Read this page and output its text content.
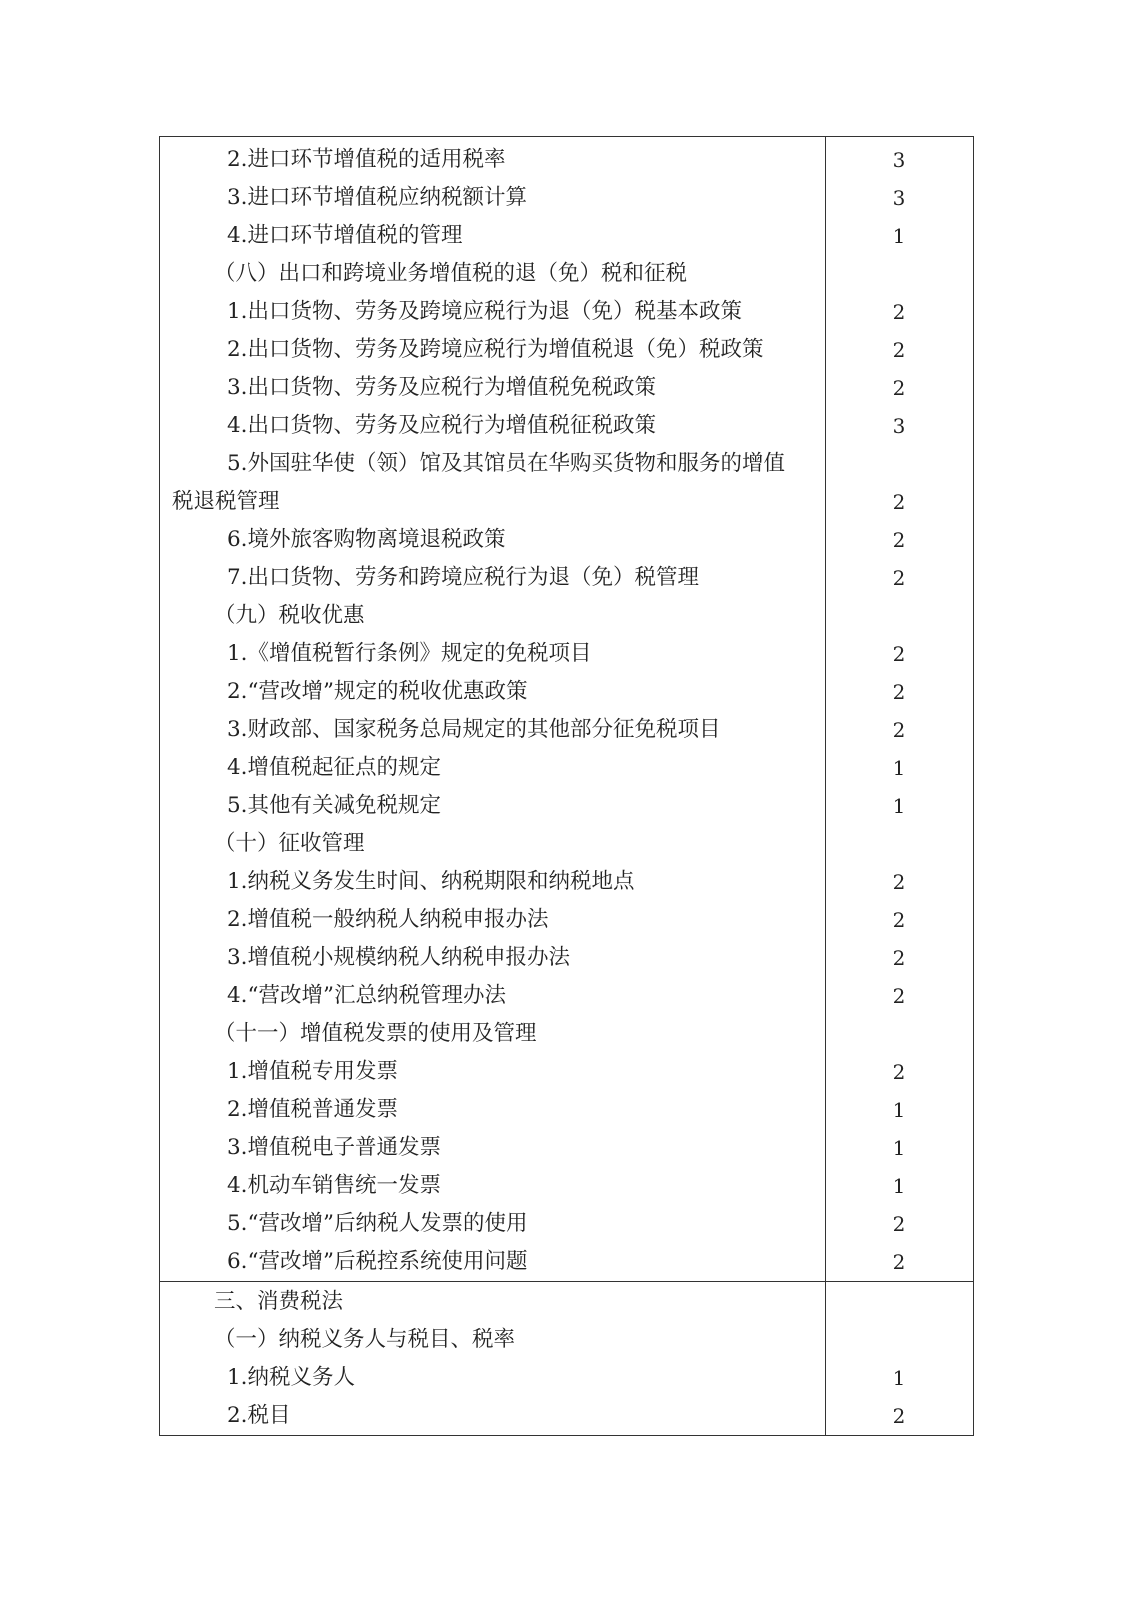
2.进口环节增值税的适用税率	3
3.进口环节增值税应纳税额计算	3
4.进口环节增值税的管理	1
（八）出口和跨境业务增值税的退（免）税和征税
1.出口货物、劳务及跨境应税行为退（免）税基本政策	2
2.出口货物、劳务及跨境应税行为增值税退（免）税政策	2
3.出口货物、劳务及应税行为增值税免税政策	2
4.出口货物、劳务及应税行为增值税征税政策	3
5.外国驻华使（领）馆及其馆员在华购买货物和服务的增值
税退税管理	2
6.境外旅客购物离境退税政策	2
7.出口货物、劳务和跨境应税行为退（免）税管理	2
（九）税收优惠
1.《增值税暂行条例》规定的免税项目	2
2.“营改增”规定的税收优惠政策	2
3.财政部、国家税务总局规定的其他部分征免税项目	2
4.增值税起征点的规定	1
5.其他有关减免税规定	1
（十）征收管理
1.纳税义务发生时间、纳税期限和纳税地点	2
2.增值税一般纳税人纳税申报办法	2
3.增值税小规模纳税人纳税申报办法	2
4.“营改增”汇总纳税管理办法	2
（十一）增值税发票的使用及管理
1.增值税专用发票	2
2.增值税普通发票	1
3.增值税电子普通发票	1
4.机动车销售统一发票	1
5.“营改增”后纳税人发票的使用	2
6.“营改增”后税控系统使用问题	2
三、消费税法
（一）纳税义务人与税目、税率
1.纳税义务人	1
2.税目	2
